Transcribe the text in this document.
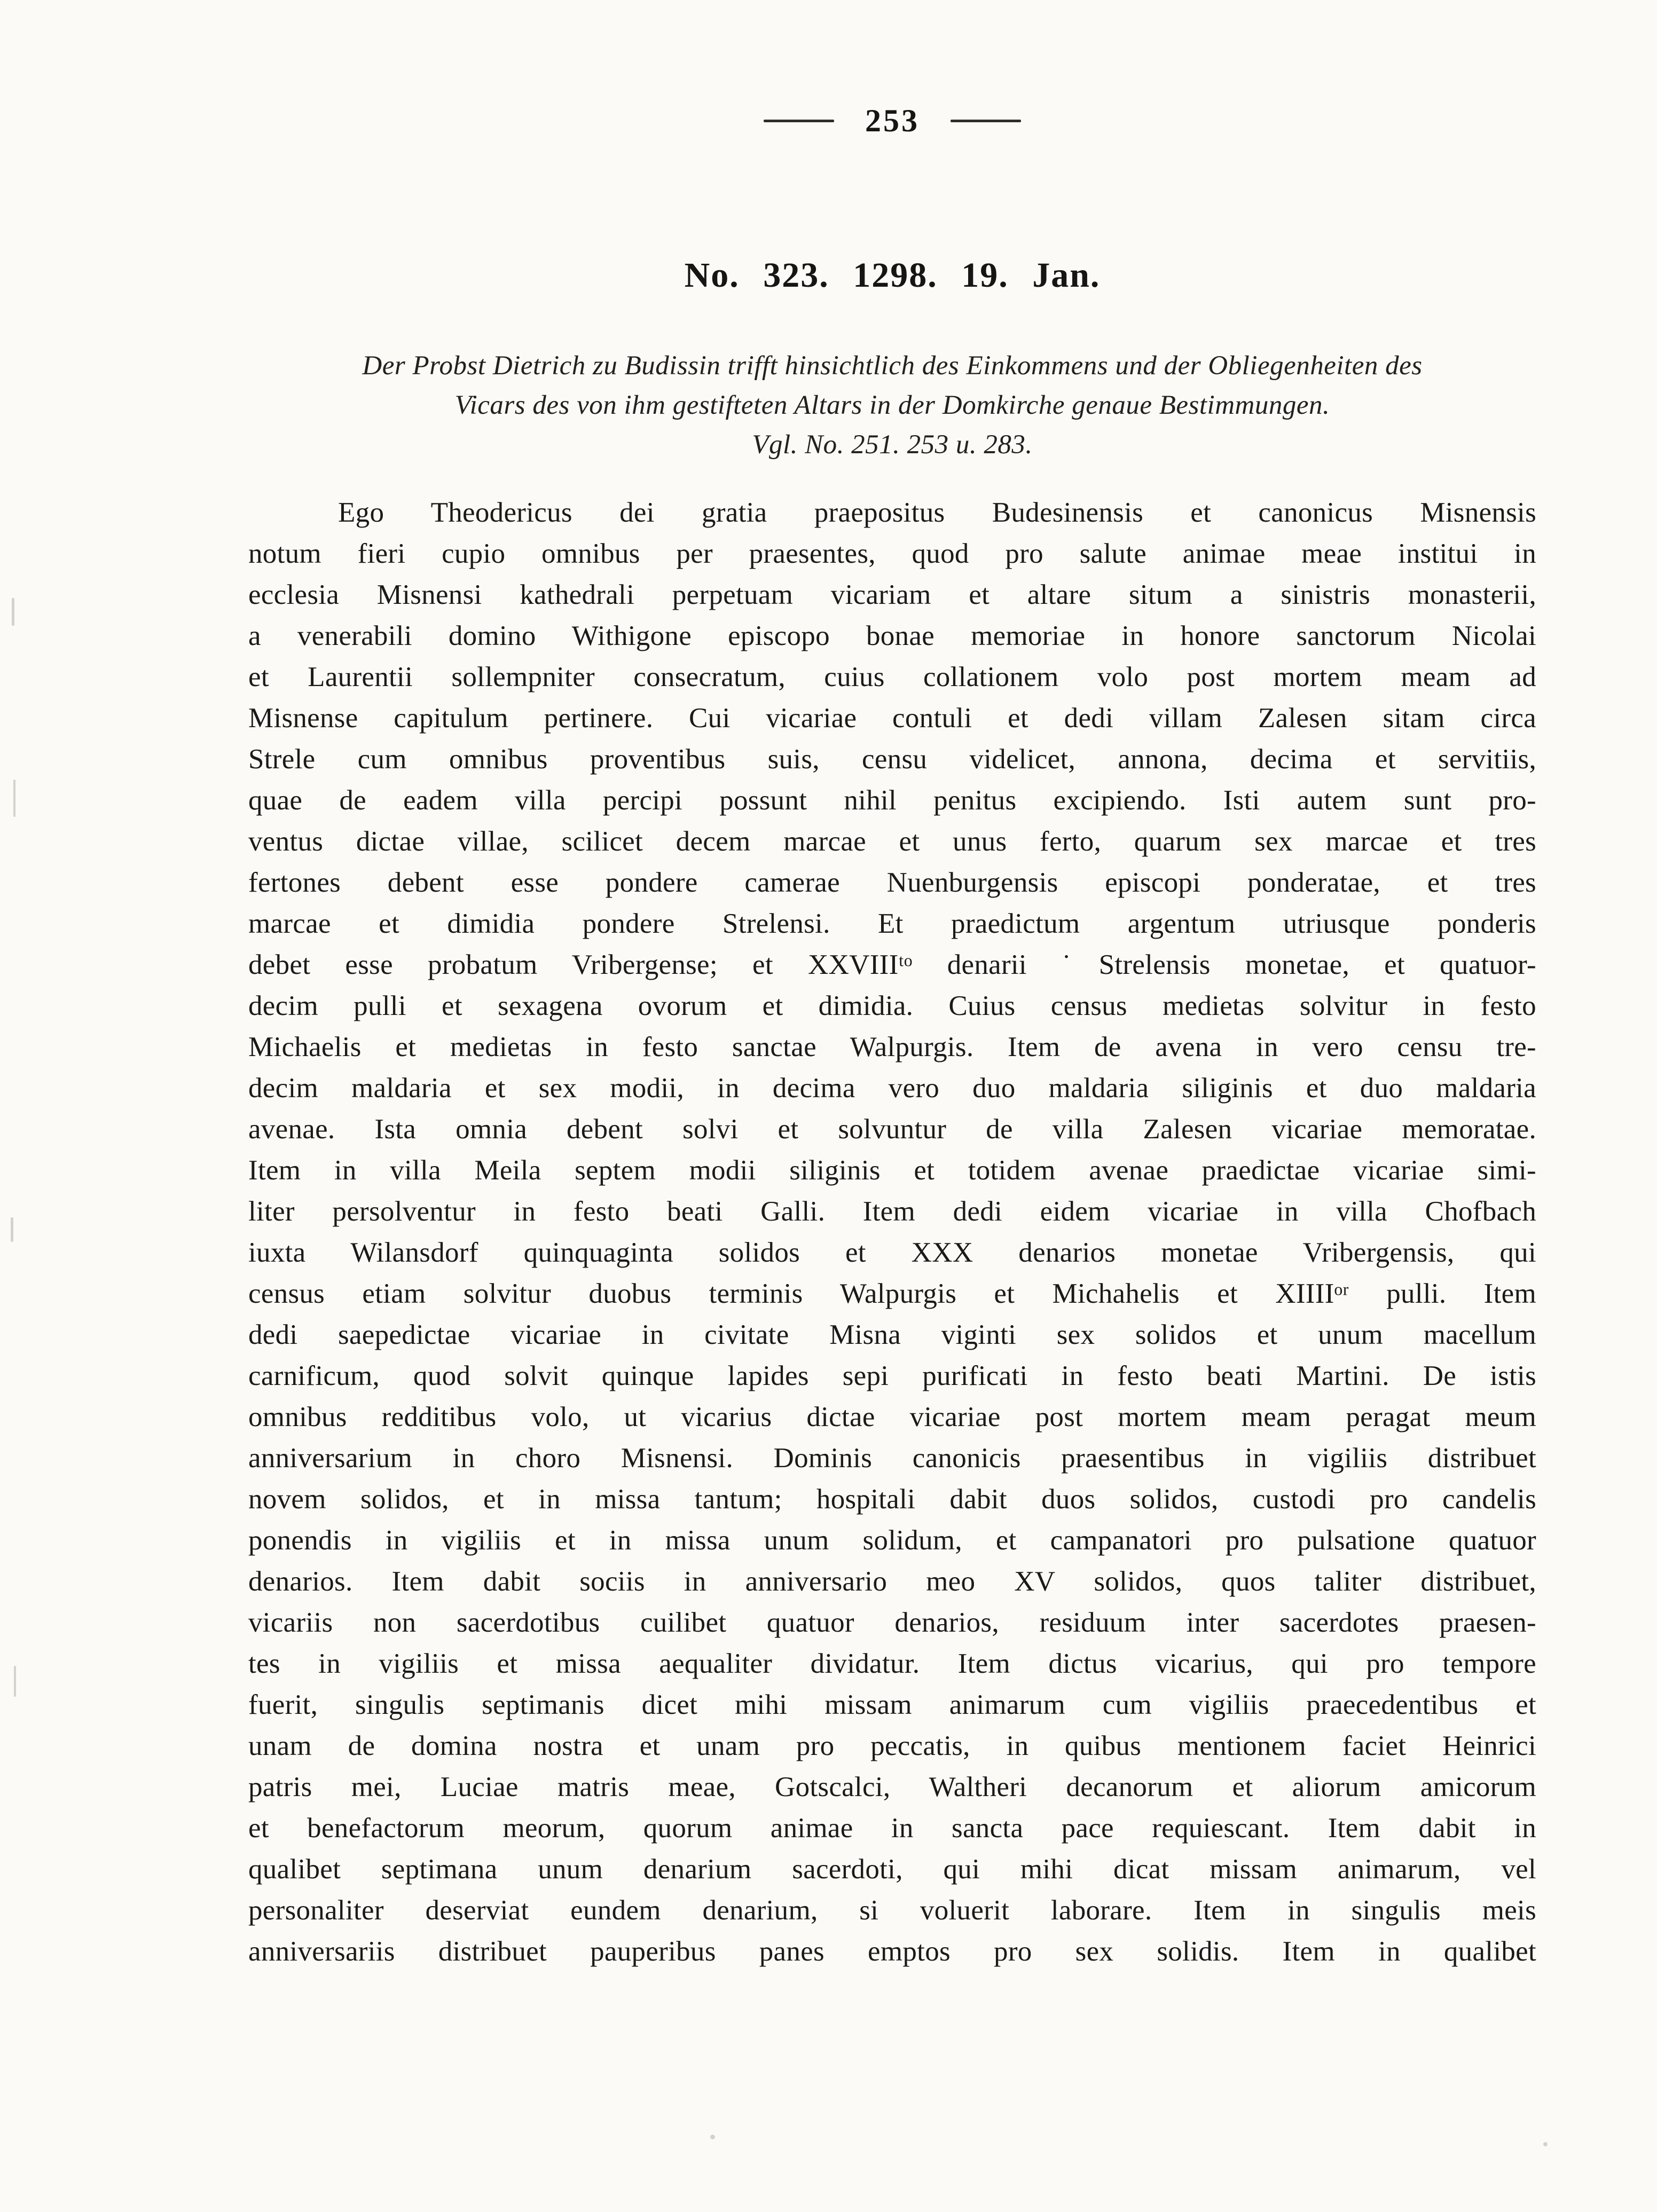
253
No. 323. 1298. 19. Jan.
Der Probst Dietrich zu Budissin trifft hinsichtlich des Einkommens und der Obliegenheiten des
Vicars des von ihm gestifteten Altars in der Domkirche genaue Bestimmungen.
Vgl. No. 251. 253 u. 283.
Ego Theodericus dei gratia praepositus Budesinensis et canonicus Misnensis
notum fieri cupio omnibus per praesentes, quod pro salute animae meae institui in
ecclesia Misnensi kathedrali perpetuam vicariam et altare situm a sinistris monasterii,
a venerabili domino Withigone episcopo bonae memoriae in honore sanctorum Nicolai
et Laurentii sollempniter consecratum, cuius collationem volo post mortem meam ad
Misnense capitulum pertinere. Cui vicariae contuli et dedi villam Zalesen sitam circa
Strele cum omnibus proventibus suis, censu videlicet, annona, decima et servitiis,
quae de eadem villa percipi possunt nihil penitus excipiendo. Isti autem sunt pro-
ventus dictae villae, scilicet decem marcae et unus ferto, quarum sex marcae et tres
fertones debent esse pondere camerae Nuenburgensis episcopi ponderatae, et tres
marcae et dimidia pondere Strelensi. Et praedictum argentum utriusque ponderis
debet esse probatum Vribergense; et XXVIIIᵗᵒ denarii ˙Strelensis monetae, et quatuor-
decim pulli et sexagena ovorum et dimidia. Cuius census medietas solvitur in festo
Michaelis et medietas in festo sanctae Walpurgis. Item de avena in vero censu tre-
decim maldaria et sex modii, in decima vero duo maldaria siliginis et duo maldaria
avenae. Ista omnia debent solvi et solvuntur de villa Zalesen vicariae memoratae.
Item in villa Meila septem modii siliginis et totidem avenae praedictae vicariae simi-
liter persolventur in festo beati Galli. Item dedi eidem vicariae in villa Chofbach
iuxta Wilansdorf quinquaginta solidos et XXX denarios monetae Vribergensis, qui
census etiam solvitur duobus terminis Walpurgis et Michahelis et XIIIIᵒʳ pulli. Item
dedi saepedictae vicariae in civitate Misna viginti sex solidos et unum macellum
carnificum, quod solvit quinque lapides sepi purificati in festo beati Martini. De istis
omnibus redditibus volo, ut vicarius dictae vicariae post mortem meam peragat meum
anniversarium in choro Misnensi. Dominis canonicis praesentibus in vigiliis distribuet
novem solidos, et in missa tantum; hospitali dabit duos solidos, custodi pro candelis
ponendis in vigiliis et in missa unum solidum, et campanatori pro pulsatione quatuor
denarios. Item dabit sociis in anniversario meo XV solidos, quos taliter distribuet,
vicariis non sacerdotibus cuilibet quatuor denarios, residuum inter sacerdotes praesen-
tes in vigiliis et missa aequaliter dividatur. Item dictus vicarius, qui pro tempore
fuerit, singulis septimanis dicet mihi missam animarum cum vigiliis praecedentibus et
unam de domina nostra et unam pro peccatis, in quibus mentionem faciet Heinrici
patris mei, Luciae matris meae, Gotscalci, Waltheri decanorum et aliorum amicorum
et benefactorum meorum, quorum animae in sancta pace requiescant. Item dabit in
qualibet septimana unum denarium sacerdoti, qui mihi dicat missam animarum, vel
personaliter deserviat eundem denarium, si voluerit laborare. Item in singulis meis
anniversariis distribuet pauperibus panes emptos pro sex solidis. Item in qualibet
